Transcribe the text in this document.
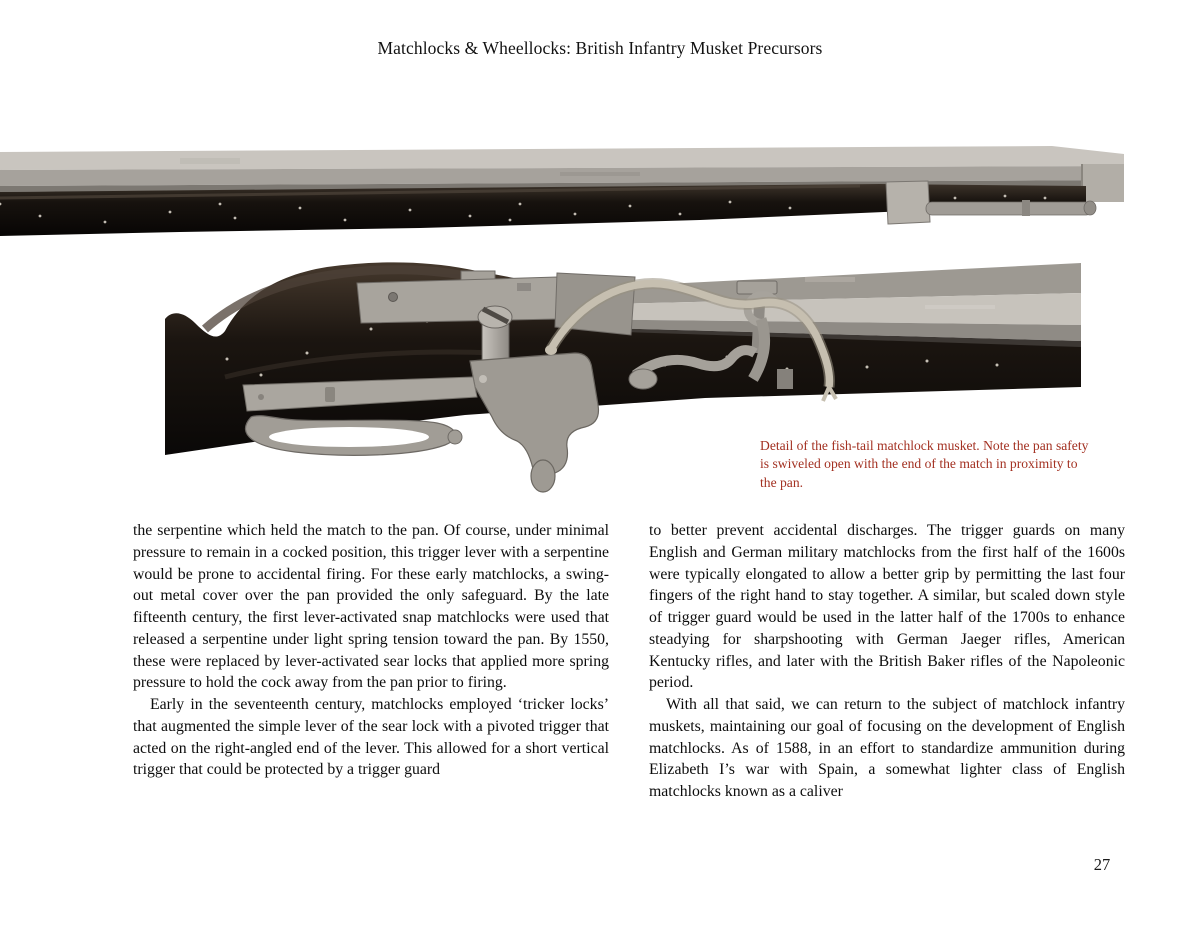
Matchlocks & Wheellocks: British Infantry Musket Precursors
Detail of the fish-tail matchlock musket. Note the pan safety is swiveled open with the end of the match in proximity to the pan.

the serpentine which held the match to the pan. Of course, under minimal pressure to remain in a cocked position, this trigger lever with a serpentine would be prone to accidental firing. For these early matchlocks, a swing-out metal cover over the pan provided the only safeguard. By the late fifteenth century, the first lever-activated snap matchlocks were used that released a serpentine under light spring tension toward the pan. By 1550, these were replaced by lever-activated sear locks that applied more spring pressure to hold the cock away from the pan prior to firing.

Early in the seventeenth century, matchlocks employed ‘tricker locks’ that augmented the simple lever of the sear lock with a pivoted trigger that acted on the right-angled end of the lever. This allowed for a short vertical trigger that could be protected by a trigger guard

to better prevent accidental discharges. The trigger guards on many English and German military matchlocks from the first half of the 1600s were typically elongated to allow a better grip by permitting the last four fingers of the right hand to stay together. A similar, but scaled down style of trigger guard would be used in the latter half of the 1700s to enhance steadying for sharpshooting with German Jaeger rifles, American Kentucky rifles, and later with the British Baker rifles of the Napoleonic period.

With all that said, we can return to the subject of matchlock infantry muskets, maintaining our goal of focusing on the development of English matchlocks. As of 1588, in an effort to standardize ammunition during Elizabeth I’s war with Spain, a somewhat lighter class of English matchlocks known as a caliver

27
